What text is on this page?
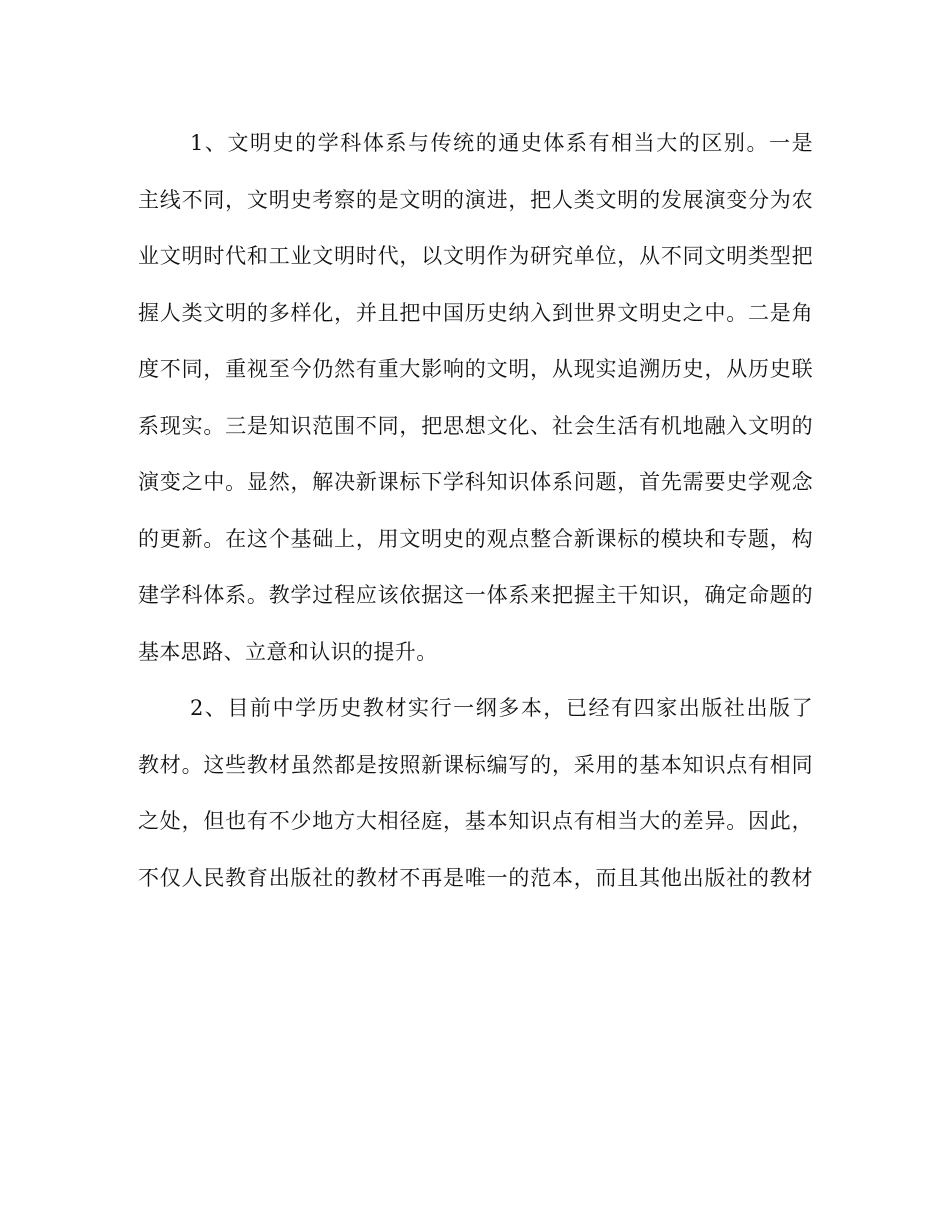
1、文明史的学科体系与传统的通史体系有相当大的区别。一是
主线不同，文明史考察的是文明的演进，把人类文明的发展演变分为农
业文明时代和工业文明时代，以文明作为研究单位，从不同文明类型把
握人类文明的多样化，并且把中国历史纳入到世界文明史之中。二是角
度不同，重视至今仍然有重大影响的文明，从现实追溯历史，从历史联
系现实。三是知识范围不同，把思想文化、社会生活有机地融入文明的
演变之中。显然，解决新课标下学科知识体系问题，首先需要史学观念
的更新。在这个基础上，用文明史的观点整合新课标的模块和专题，构
建学科体系。教学过程应该依据这一体系来把握主干知识，确定命题的
基本思路、立意和认识的提升。
2、目前中学历史教材实行一纲多本，已经有四家出版社出版了
教材。这些教材虽然都是按照新课标编写的，采用的基本知识点有相同
之处，但也有不少地方大相径庭，基本知识点有相当大的差异。因此，
不仅人民教育出版社的教材不再是唯一的范本，而且其他出版社的教材
